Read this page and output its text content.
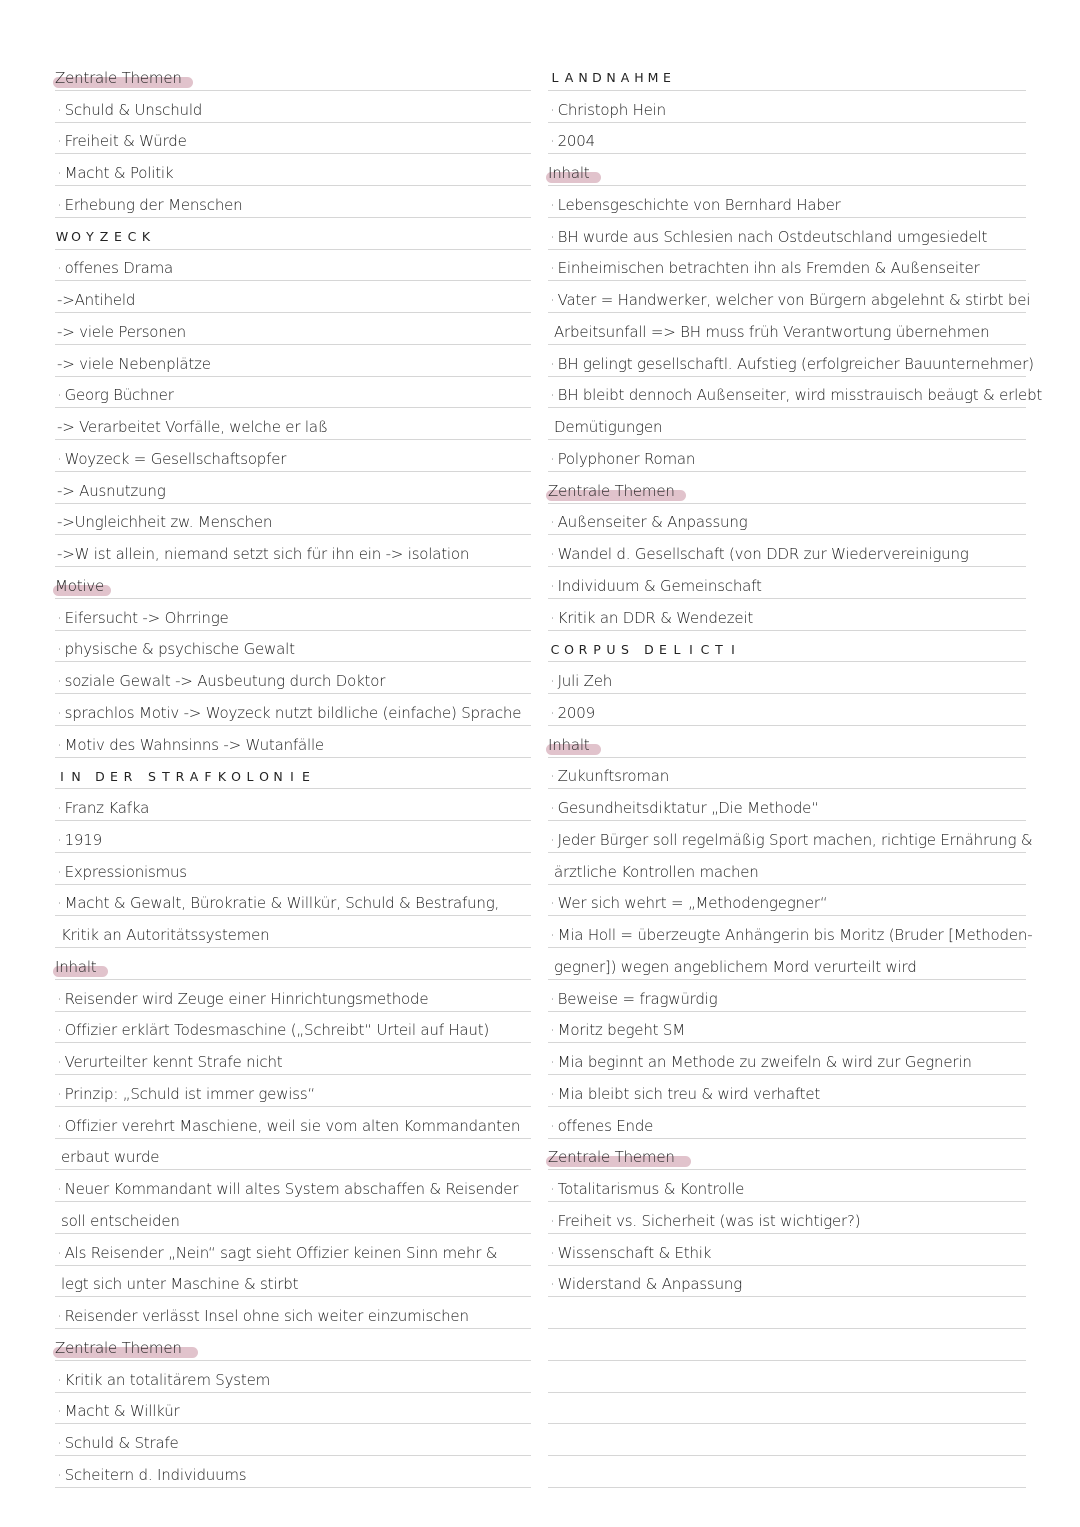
Zentrale Themen
· Schuld & Unschuld
· Freiheit & Würde
· Macht & Politik
· Erhebung der Menschen
W O Y Z E C K
· offenes Drama
->Antiheld
-> viele Personen
-> viele Nebenplätze
· Georg Büchner
-> Verarbeitet Vorfälle, welche er laß
· Woyzeck = Gesellschaftsopfer
-> Ausnutzung
->Ungleichheit zw. Menschen
->W ist allein, niemand setzt sich für ihn ein -> isolation
Motive
· Eifersucht -> Ohrringe
· physische & psychische Gewalt
· soziale Gewalt -> Ausbeutung durch Doktor
· sprachlos Motiv -> Woyzeck nutzt bildliche (einfache) Sprache
· Motiv des Wahnsinns -> Wutanfälle
I N D E R S T R A F K O L O N I E
· Franz Kafka
· 1919
· Expressionismus
· Macht & Gewalt, Bürokratie & Willkür, Schuld & Bestrafung,
Kritik an Autoritätssystemen
Inhalt
· Reisender wird Zeuge einer Hinrichtungsmethode
· Offizier erklärt Todesmaschine („Schreibt“ Urteil auf Haut)
· Verurteilter kennt Strafe nicht
· Prinzip: „Schuld ist immer gewiss“
· Offizier verehrt Maschiene, weil sie vom alten Kommandanten
erbaut wurde
· Neuer Kommandant will altes System abschaffen & Reisender
soll entscheiden
· Als Reisender „Nein“ sagt sieht Offizier keinen Sinn mehr &
legt sich unter Maschine & stirbt
· Reisender verlässt Insel ohne sich weiter einzumischen
Zentrale Themen
· Kritik an totalitärem System
· Macht & Willkür
· Schuld & Strafe
· Scheitern d. Individuums
L A N D N A H M E
· Christoph Hein
· 2004
Inhalt
· Lebensgeschichte von Bernhard Haber
· BH wurde aus Schlesien nach Ostdeutschland umgesiedelt
· Einheimischen betrachten ihn als Fremden & Außenseiter
· Vater = Handwerker, welcher von Bürgern abgelehnt & stirbt bei
Arbeitsunfall => BH muss früh Verantwortung übernehmen
· BH gelingt gesellschaftl. Aufstieg (erfolgreicher Bauunternehmer)
· BH bleibt dennoch Außenseiter, wird misstrauisch beäugt & erlebt
Demütigungen
· Polyphoner Roman
Zentrale Themen
· Außenseiter & Anpassung
· Wandel d. Gesellschaft (von DDR zur Wiedervereinigung
· Individuum & Gemeinschaft
· Kritik an DDR & Wendezeit
C O R P U S D E L I C T I
· Juli Zeh
· 2009
Inhalt
· Zukunftsroman
· Gesundheitsdiktatur „Die Methode“
· Jeder Bürger soll regelmäßig Sport machen, richtige Ernährung &
ärztliche Kontrollen machen
· Wer sich wehrt = „Methodengegner“
· Mia Holl = überzeugte Anhängerin bis Moritz (Bruder [Methoden-
gegner]) wegen angeblichem Mord verurteilt wird
· Beweise = fragwürdig
· Moritz begeht SM
· Mia beginnt an Methode zu zweifeln & wird zur Gegnerin
· Mia bleibt sich treu & wird verhaftet
· offenes Ende
Zentrale Themen
· Totalitarismus & Kontrolle
· Freiheit vs. Sicherheit (was ist wichtiger?)
· Wissenschaft & Ethik
· Widerstand & Anpassung
